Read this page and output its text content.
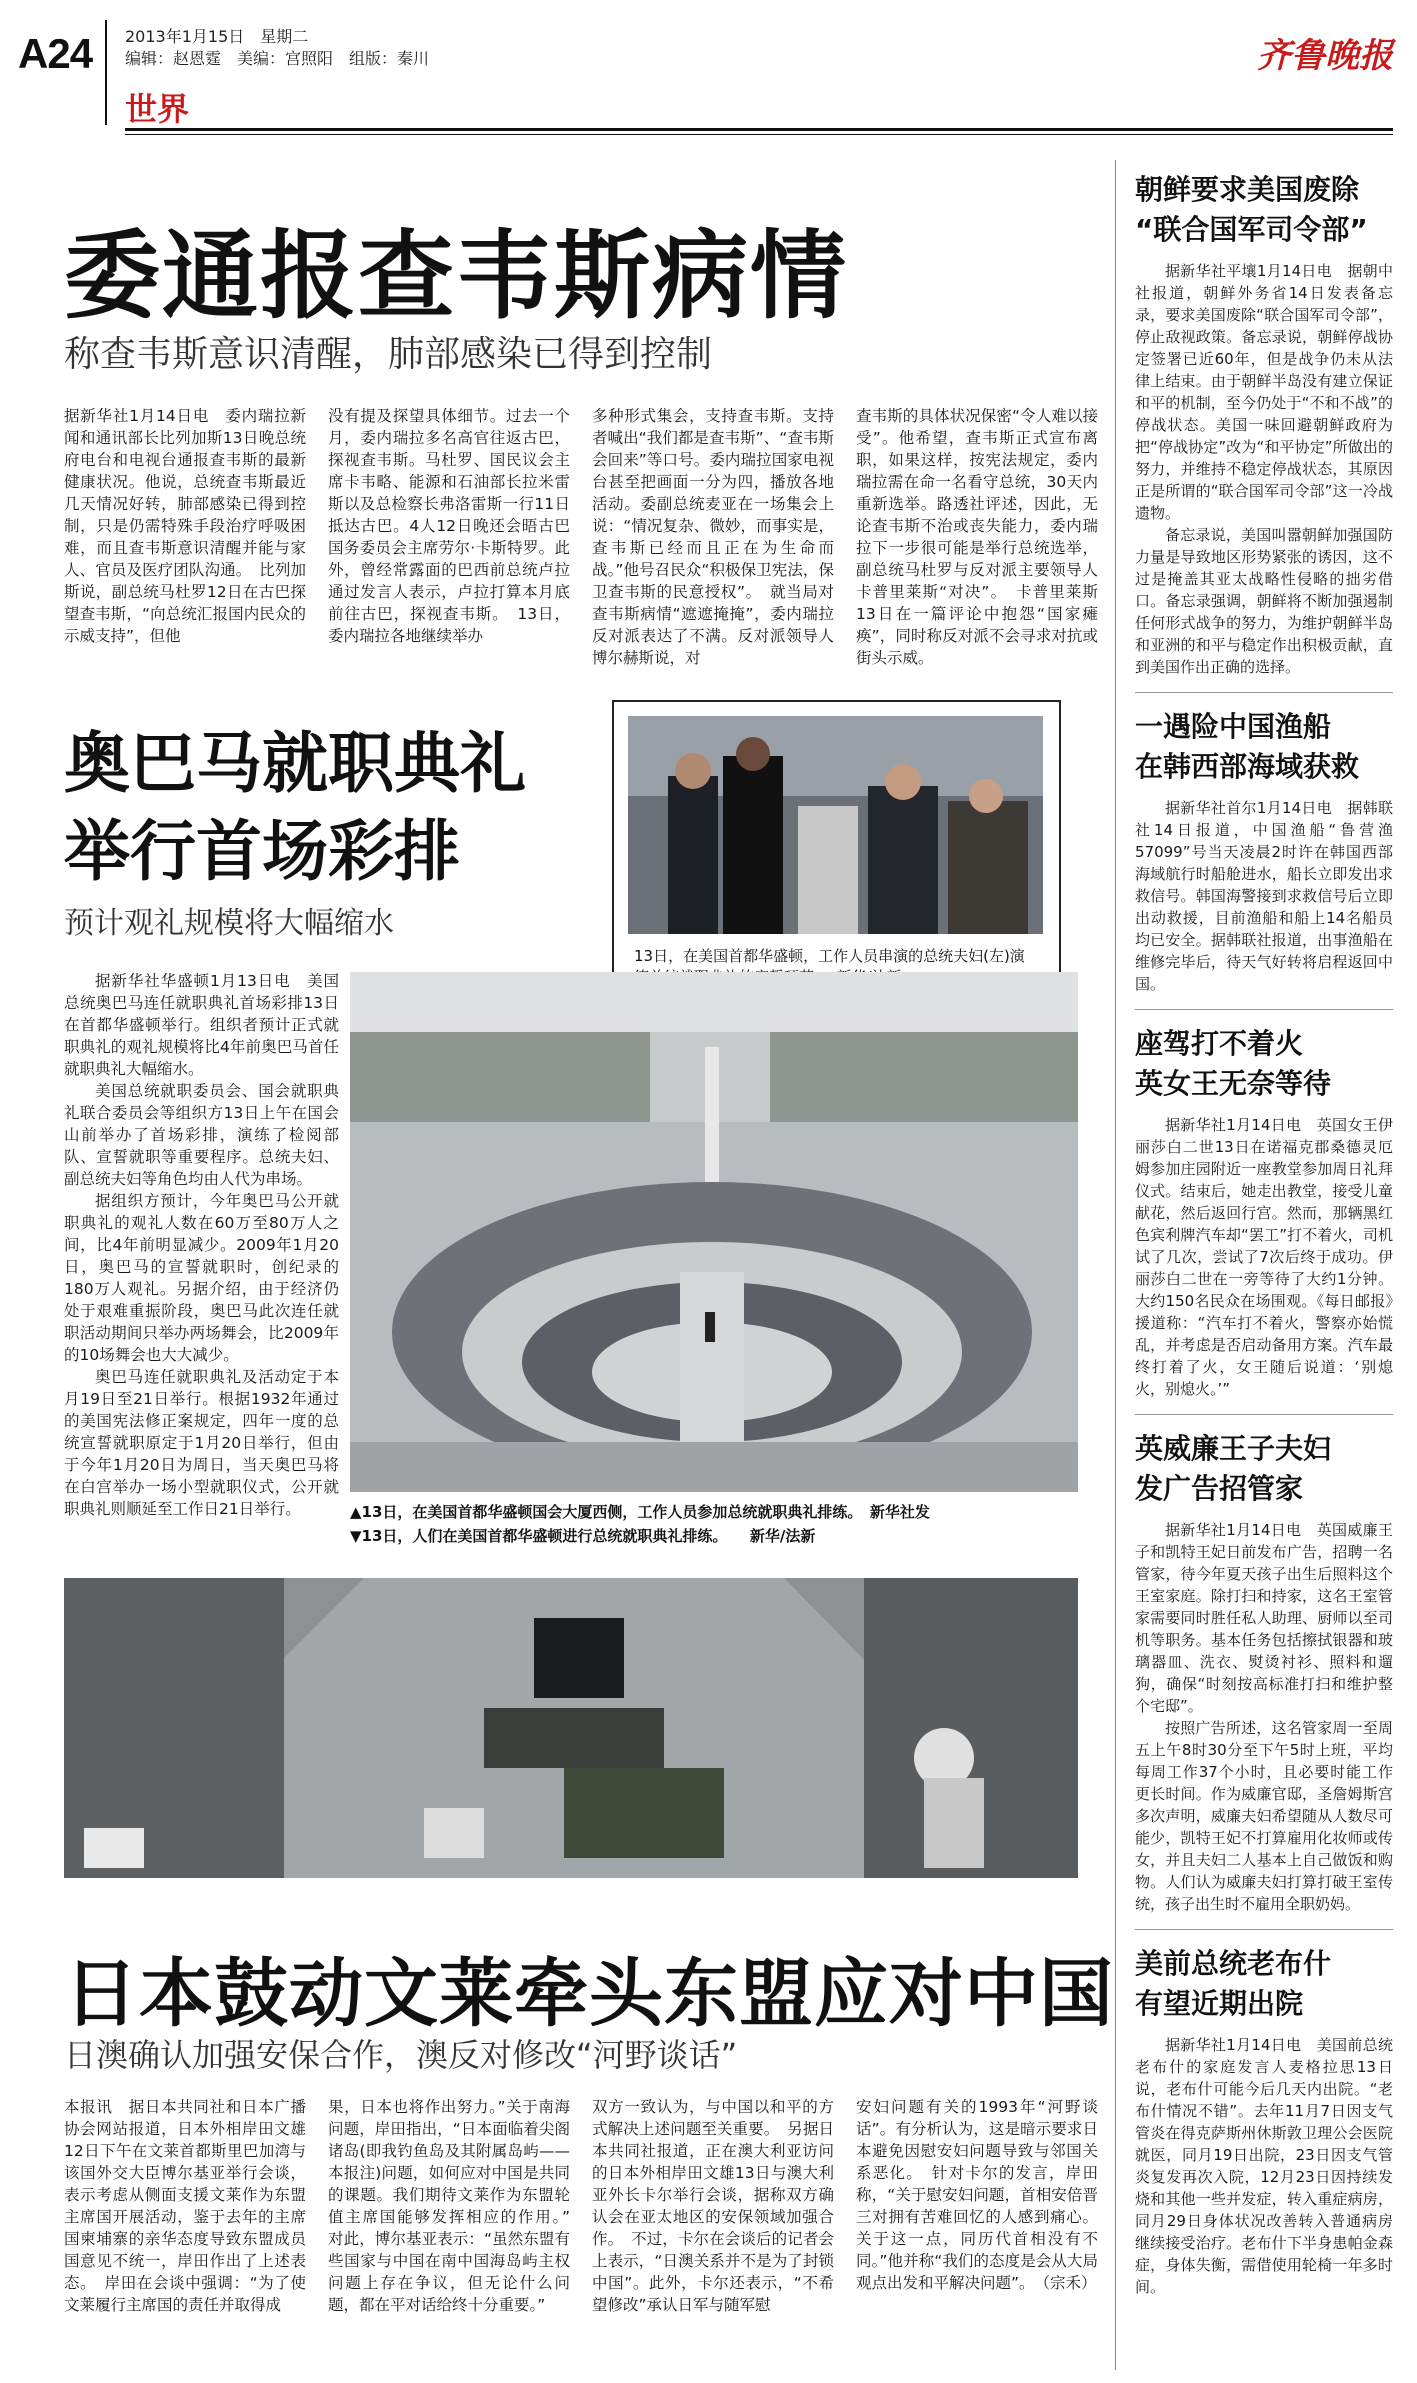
A24 2013年1月15日　星期二
编辑：赵恩霆　美编：宫照阳　组版：秦川
世界
齐鲁晚报
委通报查韦斯病情
称查韦斯意识清醒，肺部感染已得到控制
据新华社1月14日电　委内瑞拉新闻和通讯部长比列加斯13日晚总统府电台和电视台通报查韦斯的最新健康状况。他说，总统查韦斯最近几天情况好转，肺部感染已得到控制，只是仍需特殊手段治疗呼吸困难，而且查韦斯意识清醒并能与家人、官员及医疗团队沟通。　比列加斯说，副总统马杜罗12日在古巴探望查韦斯，“向总统汇报国内民众的示威支持”，但他
没有提及探望具体细节。过去一个月，委内瑞拉多名高官往返古巴，探视查韦斯。马杜罗、国民议会主席卡韦略、能源和石油部长拉米雷斯以及总检察长弗洛雷斯一行11日抵达古巴。4人12日晚还会晤古巴国务委员会主席劳尔·卡斯特罗。此外，曾经常露面的巴西前总统卢拉通过发言人表示，卢拉打算本月底前往古巴，探视查韦斯。　13日，委内瑞拉各地继续举办
多种形式集会，支持查韦斯。支持者喊出“我们都是查韦斯”、“查韦斯会回来”等口号。委内瑞拉国家电视台甚至把画面一分为四，播放各地活动。委副总统麦亚在一场集会上说：“情况复杂、微妙，而事实是，查韦斯已经而且正在为生命而战。”他号召民众“积极保卫宪法，保卫查韦斯的民意授权”。　就当局对查韦斯病情“遮遮掩掩”，委内瑞拉反对派表达了不满。反对派领导人博尔赫斯说，对
查韦斯的具体状况保密“令人难以接受”。他希望，查韦斯正式宣布离职，如果这样，按宪法规定，委内瑞拉需在命一名看守总统，30天内重新选举。路透社评述，因此，无论查韦斯不治或丧失能力，委内瑞拉下一步很可能是举行总统选举，副总统马杜罗与反对派主要领导人卡普里莱斯“对决”。　卡普里莱斯13日在一篇评论中抱怨“国家瘫痪”，同时称反对派不会寻求对抗或街头示威。
奥巴马就职典礼
举行首场彩排
预计观礼规模将大幅缩水

据新华社华盛顿1月13日电　美国总统奥巴马连任就职典礼首场彩排13日在首都华盛顿举行。组织者预计正式就职典礼的观礼规模将比4年前奥巴马首任就职典礼大幅缩水。

美国总统就职委员会、国会就职典礼联合委员会等组织方13日上午在国会山前举办了首场彩排，演练了检阅部队、宣誓就职等重要程序。总统夫妇、副总统夫妇等角色均由人代为串场。

据组织方预计，今年奥巴马公开就职典礼的观礼人数在60万至80万人之间，比4年前明显减少。2009年1月20日，奥巴马的宣誓就职时，创纪录的180万人观礼。另据介绍，由于经济仍处于艰难重振阶段，奥巴马此次连任就职活动期间只举办两场舞会，比2009年的10场舞会也大大减少。

奥巴马连任就职典礼及活动定于本月19日至21日举行。根据1932年通过的美国宪法修正案规定，四年一度的总统宣誓就职原定于1月20日举行，但由于今年1月20日为周日，当天奥巴马将在白宫举办一场小型就职仪式，公开就职典礼则顺延至工作日21日举行。

13日，在美国首都华盛顿，工作人员串演的总统夫妇(左)演　
▲13日，在美国首都华盛顿国会大厦西侧，工作人员参加总统就职典礼排练。　新华社发
▼13日，人们在美国首都华盛顿进行总统就职典礼排练。　　新华/法新
日本鼓动文莱牵头东盟应对中国
日澳确认加强安保合作，澳反对修改“河野谈话”
本报讯　据日本共同社和日本广播协会网站报道，日本外相岸田文雄12日下午在文莱首都斯里巴加湾与该国外交大臣博尔基亚举行会谈，表示考虑从侧面支援文莱作为东盟主席国开展活动，鉴于去年的主席国柬埔寨的亲华态度导致东盟成员国意见不统一，岸田作出了上述表态。　岸田在会谈中强调：“为了使文莱履行主席国的责任并取得成
果，日本也将作出努力。”关于南海问题，岸田指出，“日本面临着尖阁诸岛(即我钓鱼岛及其附属岛屿——本报注)问题，如何应对中国是共同的课题。我们期待文莱作为东盟轮值主席国能够发挥相应的作用。”　对此，博尔基亚表示：“虽然东盟有些国家与中国在南中国海岛屿主权问题上存在争议，但无论什么问题，都在平对话给终十分重要。”
双方一致认为，与中国以和平的方式解决上述问题至关重要。　另据日本共同社报道，正在澳大利亚访问的日本外相岸田文雄13日与澳大利亚外长卡尔举行会谈，据称双方确认会在亚太地区的安保领域加强合作。　不过，卡尔在会谈后的记者会上表示，“日澳关系并不是为了封锁中国”。此外，卡尔还表示，“不希望修改”承认日军与随军慰
安妇问题有关的1993年“河野谈话”。有分析认为，这是暗示要求日本避免因慰安妇问题导致与邻国关系恶化。　针对卡尔的发言，岸田称，“关于慰安妇问题，首相安倍晋三对拥有苦难回忆的人感到痛心。关于这一点，同历代首相没有不同。”他并称“我们的态度是会从大局观点出发和平解决问题”。　（宗禾）
朝鲜要求美国废除
“联合国军司令部”

据新华社平壤1月14日电　据朝中社报道，朝鲜外务省14日发表备忘录，要求美国废除“联合国军司令部”，停止敌视政策。备忘录说，朝鲜停战协定签署已近60年，但是战争仍未从法律上结束。由于朝鲜半岛没有建立保证和平的机制，至今仍处于“不和不战”的停战状态。美国一味回避朝鲜政府为把“停战协定”改为“和平协定”所做出的努力，并维持不稳定停战状态，其原因正是所谓的“联合国军司令部”这一冷战遗物。

备忘录说，美国叫嚣朝鲜加强国防力量是导致地区形势紧张的诱因，这不过是掩盖其亚太战略性侵略的拙劣借口。备忘录强调，朝鲜将不断加强遏制任何形式战争的努力，为维护朝鲜半岛和亚洲的和平与稳定作出积极贡献，直到美国作出正确的选择。

一遇险中国渔船
在韩西部海域获救

据新华社首尔1月14日电　据韩联社14日报道，中国渔船“鲁营渔57099”号当天凌晨2时许在韩国西部海域航行时船舱进水，船长立即发出求救信号。韩国海警接到求救信号后立即出动救援，目前渔船和船上14名船员均已安全。据韩联社报道，出事渔船在维修完毕后，待天气好转将启程返回中国。

座驾打不着火
英女王无奈等待

据新华社1月14日电　英国女王伊丽莎白二世13日在诺福克郡桑德灵厄姆参加庄园附近一座教堂参加周日礼拜仪式。结束后，她走出教堂，接受儿童献花，然后返回行宫。然而，那辆黑红色宾利牌汽车却“罢工”打不着火，司机试了几次，尝试了7次后终于成功。伊丽莎白二世在一旁等待了大约1分钟。大约150名民众在场围观。《每日邮报》援道称：“汽车打不着火，警察亦始慌乱，并考虑是否启动备用方案。汽车最终打着了火，女王随后说道：‘别熄火，别熄火。’”

英威廉王子夫妇
发广告招管家

据新华社1月14日电　英国威廉王子和凯特王妃日前发布广告，招聘一名管家，待今年夏天孩子出生后照料这个王室家庭。除打扫和持家，这名王室管家需要同时胜任私人助理、厨师以至司机等职务。基本任务包括擦拭银器和玻璃器皿、洗衣、熨烫衬衫、照料和遛狗，确保“时刻按高标准打扫和维护整个宅邸”。

按照广告所述，这名管家周一至周五上午8时30分至下午5时上班，平均每周工作37个小时，且必要时能工作更长时间。作为威廉官邸，圣詹姆斯宫多次声明，威廉夫妇希望随从人数尽可能少，凯特王妃不打算雇用化妆师或传女，并且夫妇二人基本上自己做饭和购物。人们认为威廉夫妇打算打破王室传统，孩子出生时不雇用全职奶妈。

美前总统老布什
有望近期出院

据新华社1月14日电　美国前总统老布什的家庭发言人麦格拉思13日说，老布什可能今后几天内出院。“老布什情况不错”。去年11月7日因支气管炎在得克萨斯州休斯敦卫理公会医院就医，同月19日出院，23日因支气管炎复发再次入院，12月23日因持续发烧和其他一些并发症，转入重症病房，同月29日身体状况改善转入普通病房继续接受治疗。老布什下半身患帕金森症，身体失衡，需借使用轮椅一年多时间。
